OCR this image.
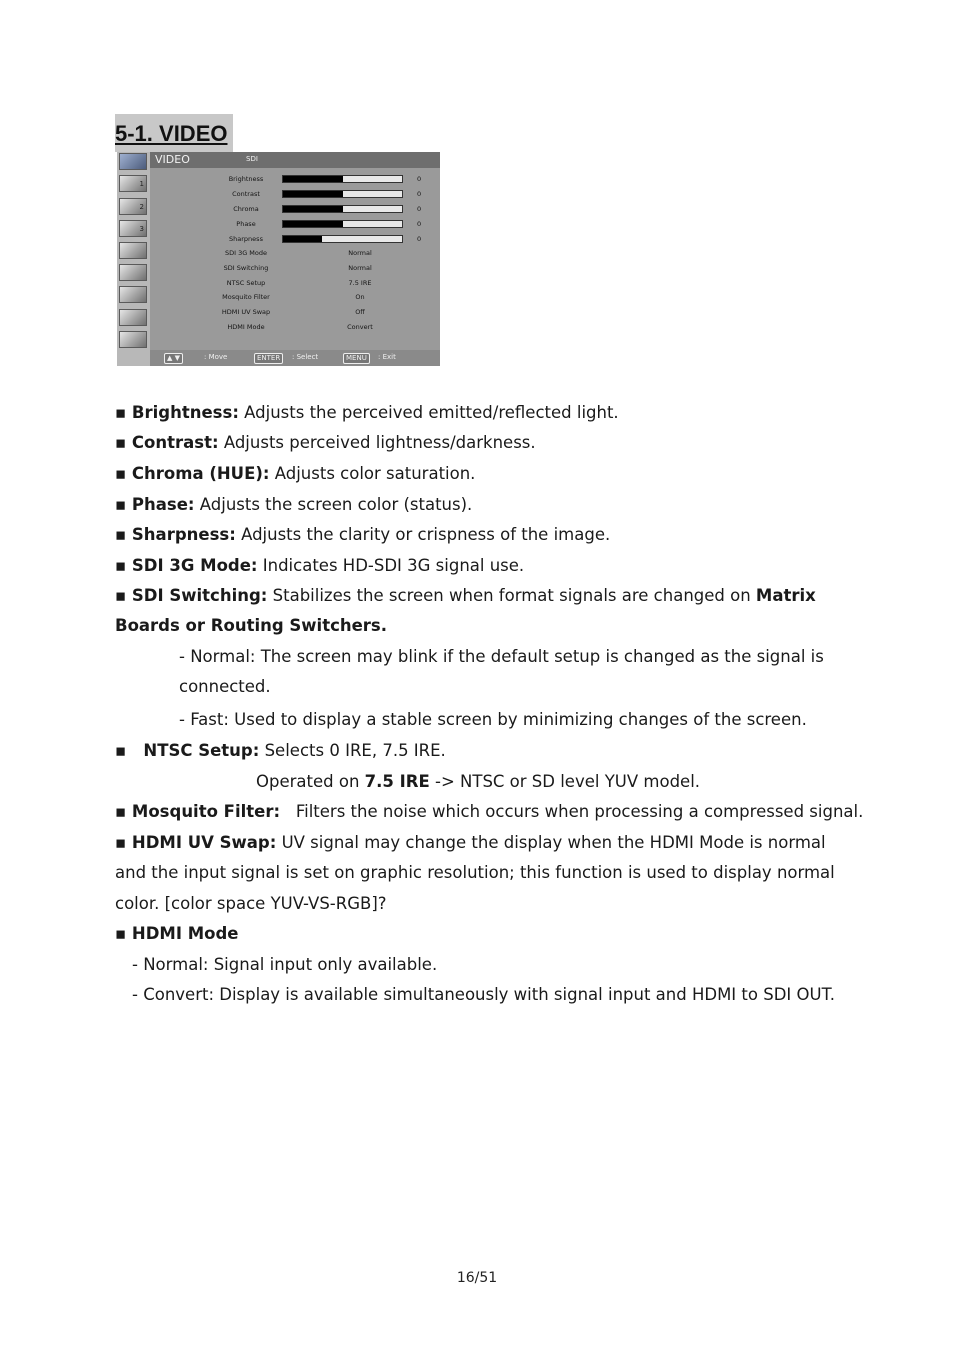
5-1. VIDEO
1
2
3
VIDEO	SDI
Brightness	0
Contrast	0
Chroma	0
Phase	0
Sharpness	0
SDI 3G Mode	Normal
SDI Switching	Normal
NTSC Setup	7.5 IRE
Mosquito Filter	On
HDMI UV Swap	Off
HDMI Mode	Convert
▲ ▼	: Move	ENTER	: Select	MENU	: Exit
▪ Brightness: Adjusts the perceived emitted/reflected light.
▪ Contrast: Adjusts perceived lightness/darkness.
▪ Chroma (HUE): Adjusts color saturation.
▪ Phase: Adjusts the screen color (status).
▪ Sharpness: Adjusts the clarity or crispness of the image.
▪ SDI 3G Mode: Indicates HD-SDI 3G signal use.
▪ SDI Switching: Stabilizes the screen when format signals are changed on Matrix
Boards or Routing Switchers.
- Normal: The screen may blink if the default setup is changed as the signal is
connected.
- Fast: Used to display a stable screen by minimizing changes of the screen.
▪   NTSC Setup: Selects 0 IRE, 7.5 IRE.
Operated on 7.5 IRE -> NTSC or SD level YUV model.
▪ Mosquito Filter:   Filters the noise which occurs when processing a compressed signal.
▪ HDMI UV Swap: UV signal may change the display when the HDMI Mode is normal
and the input signal is set on graphic resolution; this function is used to display normal
color. [color space YUV-VS-RGB]?
▪ HDMI Mode
- Normal: Signal input only available.
- Convert: Display is available simultaneously with signal input and HDMI to SDI OUT.
16/51
